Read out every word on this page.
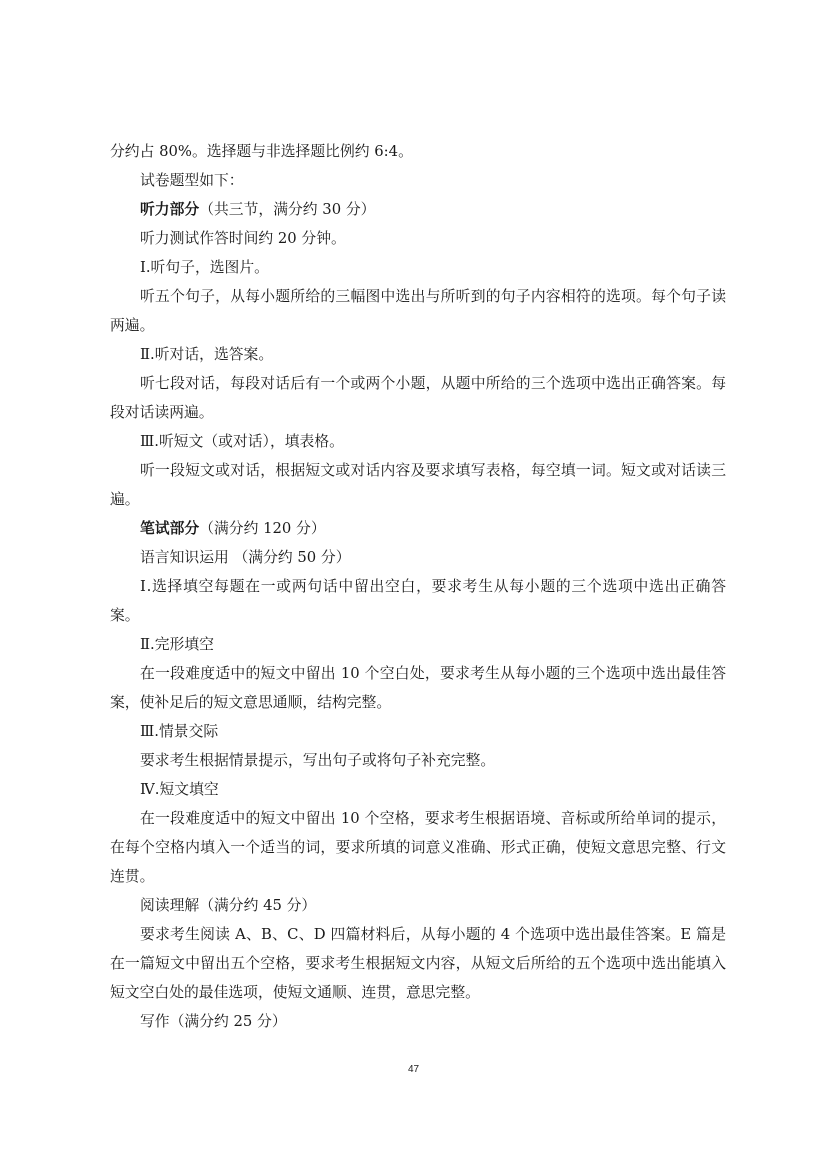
分约占 80%。选择题与非选择题比例约 6:4。

试卷题型如下：

听力部分（共三节，满分约 30 分）

听力测试作答时间约 20 分钟。

Ⅰ.听句子，选图片。

听五个句子，从每小题所给的三幅图中选出与所听到的句子内容相符的选项。每个句子读两遍。

Ⅱ.听对话，选答案。

听七段对话，每段对话后有一个或两个小题，从题中所给的三个选项中选出正确答案。每段对话读两遍。

Ⅲ.听短文（或对话），填表格。

听一段短文或对话，根据短文或对话内容及要求填写表格，每空填一词。短文或对话读三遍。

笔试部分（满分约 120 分）

语言知识运用 （满分约 50 分）

Ⅰ.选择填空每题在一或两句话中留出空白，要求考生从每小题的三个选项中选出正确答案。

Ⅱ.完形填空

在一段难度适中的短文中留出 10 个空白处，要求考生从每小题的三个选项中选出最佳答案，使补足后的短文意思通顺，结构完整。

Ⅲ.情景交际

要求考生根据情景提示，写出句子或将句子补充完整。

Ⅳ.短文填空

在一段难度适中的短文中留出 10 个空格，要求考生根据语境、音标或所给单词的提示，在每个空格内填入一个适当的词，要求所填的词意义准确、形式正确，使短文意思完整、行文连贯。

阅读理解（满分约 45 分）

要求考生阅读 A、B、C、D 四篇材料后，从每小题的 4 个选项中选出最佳答案。E 篇是在一篇短文中留出五个空格，要求考生根据短文内容，从短文后所给的五个选项中选出能填入短文空白处的最佳选项，使短文通顺、连贯，意思完整。

写作（满分约 25 分）

47
